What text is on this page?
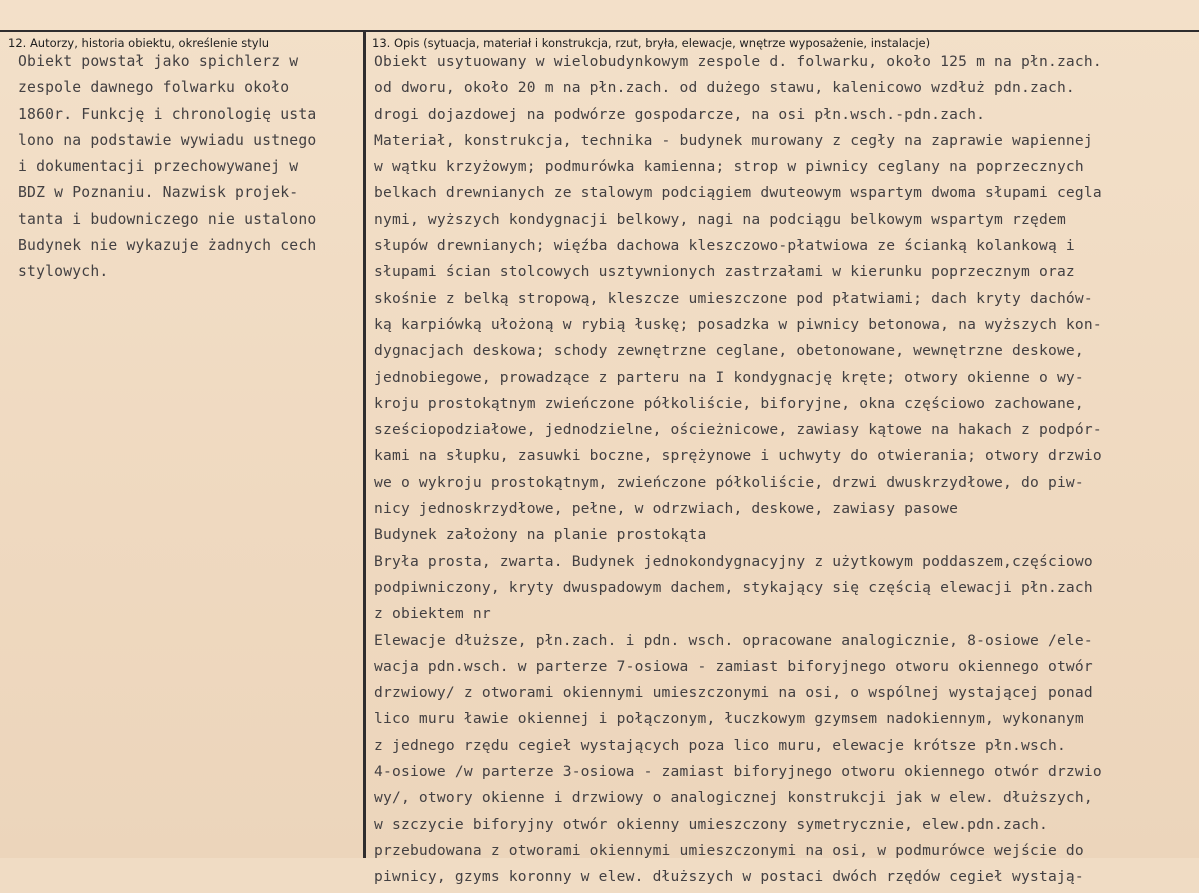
12. Autorzy, historia obiektu, określenie stylu	13. Opis (sytuacja, materiał i konstrukcja, rzut, bryła, elewacje, wnętrze wyposażenie, instalacje)
Obiekt powstał jako spichlerz w
zespole dawnego folwarku około
1860r. Funkcję i chronologię usta
lono na podstawie wywiadu ustnego
i dokumentacji przechowywanej w
BDZ w Poznaniu. Nazwisk projek-
tanta i budowniczego nie ustalono
Budynek nie wykazuje żadnych cech
stylowych.
Obiekt usytuowany w wielobudynkowym zespole d. folwarku, około 125 m na płn.zach.
od dworu, około 20 m na płn.zach. od dużego stawu, kalenicowo wzdłuż pdn.zach.
drogi dojazdowej na podwórze gospodarcze, na osi płn.wsch.-pdn.zach.
Materiał, konstrukcja, technika - budynek murowany z cegły na zaprawie wapiennej
w wątku krzyżowym; podmurówka kamienna; strop w piwnicy ceglany na poprzecznych
belkach drewnianych ze stalowym podciągiem dwuteowym wspartym dwoma słupami cegla
nymi, wyższych kondygnacji belkowy, nagi na podciągu belkowym wspartym rzędem
słupów drewnianych; więźba dachowa kleszczowo-płatwiowa ze ścianką kolankową i
słupami ścian stolcowych usztywnionych zastrzałami w kierunku poprzecznym oraz
skośnie z belką stropową, kleszcze umieszczone pod płatwiami; dach kryty dachów-
ką karpiówką ułożoną w rybią łuskę; posadzka w piwnicy betonowa, na wyższych kon-
dygnacjach deskowa; schody zewnętrzne ceglane, obetonowane, wewnętrzne deskowe,
jednobiegowe, prowadzące z parteru na I kondygnację kręte; otwory okienne o wy-
kroju prostokątnym zwieńczone półkoliście, biforyjne, okna częściowo zachowane,
sześciopodziałowe, jednodzielne, ościeżnicowe, zawiasy kątowe na hakach z podpór-
kami na słupku, zasuwki boczne, sprężynowe i uchwyty do otwierania; otwory drzwio
we o wykroju prostokątnym, zwieńczone półkoliście, drzwi dwuskrzydłowe, do piw-
nicy jednoskrzydłowe, pełne, w odrzwiach, deskowe, zawiasy pasowe
Budynek założony na planie prostokąta
Bryła prosta, zwarta. Budynek jednokondygnacyjny z użytkowym poddaszem,częściowo
podpiwniczony, kryty dwuspadowym dachem, stykający się częścią elewacji płn.zach
z obiektem nr
Elewacje dłuższe, płn.zach. i pdn. wsch. opracowane analogicznie, 8-osiowe /ele-
wacja pdn.wsch. w parterze 7-osiowa - zamiast biforyjnego otworu okiennego otwór
drzwiowy/ z otworami okiennymi umieszczonymi na osi, o wspólnej wystającej ponad
lico muru ławie okiennej i połączonym, łuczkowym gzymsem nadokiennym, wykonanym
z jednego rzędu cegieł wystających poza lico muru, elewacje krótsze płn.wsch.
4-osiowe /w parterze 3-osiowa - zamiast biforyjnego otworu okiennego otwór drzwio
wy/, otwory okienne i drzwiowy o analogicznej konstrukcji jak w elew. dłuższych,
w szczycie biforyjny otwór okienny umieszczony symetrycznie, elew.pdn.zach.
przebudowana z otworami okiennymi umieszczonymi na osi, w podmurówce wejście do
piwnicy, gzyms koronny w elew. dłuższych w postaci dwóch rzędów cegieł wystają-
